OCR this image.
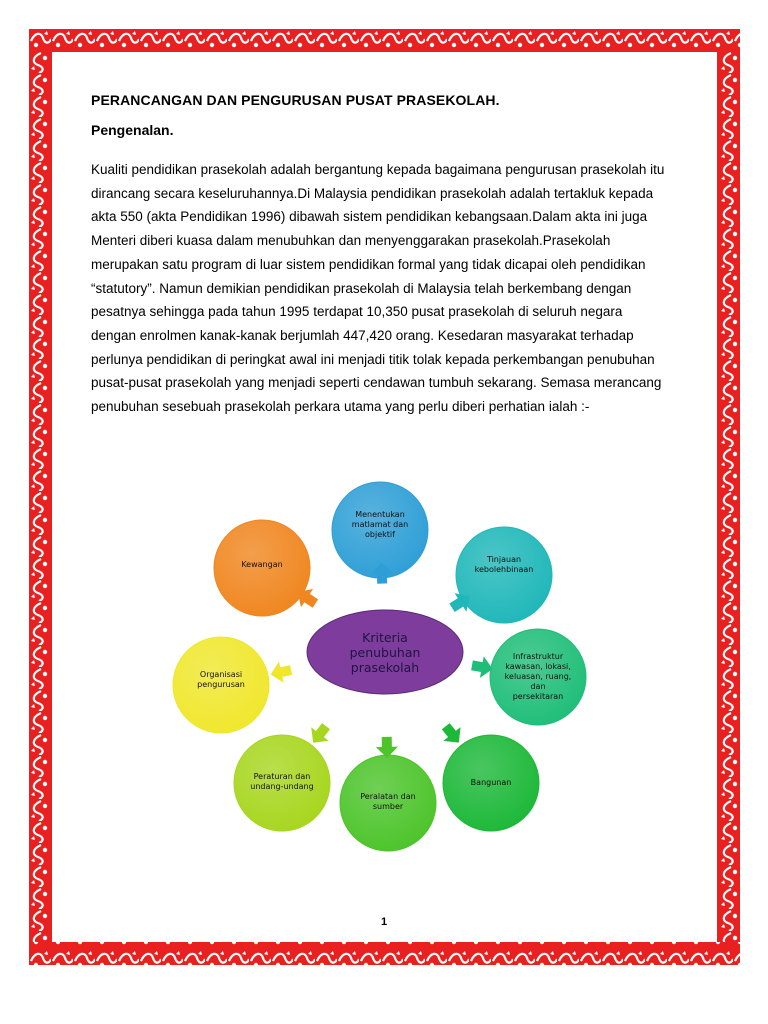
PERANCANGAN DAN PENGURUSAN PUSAT PRASEKOLAH.
Pengenalan.

Kualiti pendidikan prasekolah adalah bergantung kepada bagaimana pengurusan prasekolah itu
dirancang secara keseluruhannya.Di Malaysia pendidikan prasekolah adalah tertakluk kepada
akta 550 (akta Pendidikan 1996) dibawah sistem pendidikan kebangsaan.Dalam akta ini juga
Menteri diberi kuasa dalam menubuhkan dan menyenggarakan prasekolah.Prasekolah
merupakan satu program di luar sistem pendidikan formal yang tidak dicapai oleh pendidikan
“statutory”. Namun demikian pendidikan prasekolah di Malaysia telah berkembang dengan
pesatnya sehingga pada tahun 1995 terdapat 10,350 pusat prasekolah di seluruh negara
dengan enrolmen kanak-kanak berjumlah 447,420 orang. Kesedaran masyarakat terhadap
perlunya pendidikan di peringkat awal ini menjadi titik tolak kepada perkembangan penubuhan
pusat-pusat prasekolah yang menjadi seperti cendawan tumbuh sekarang. Semasa merancang
penubuhan sesebuah prasekolah perkara utama yang perlu diberi perhatian ialah :-

Kriteria
penubuhan
prasekolah
Menentukan
matlamat dan
objektif
Tinjauan
kebolehbinaan
Infrastruktur
kawasan, lokasi,
keluasan, ruang,
dan
persekitaran
Bangunan
Peralatan dan
sumber
Peraturan dan
undang-undang
Organisasi
pengurusan
Kewangan
1
